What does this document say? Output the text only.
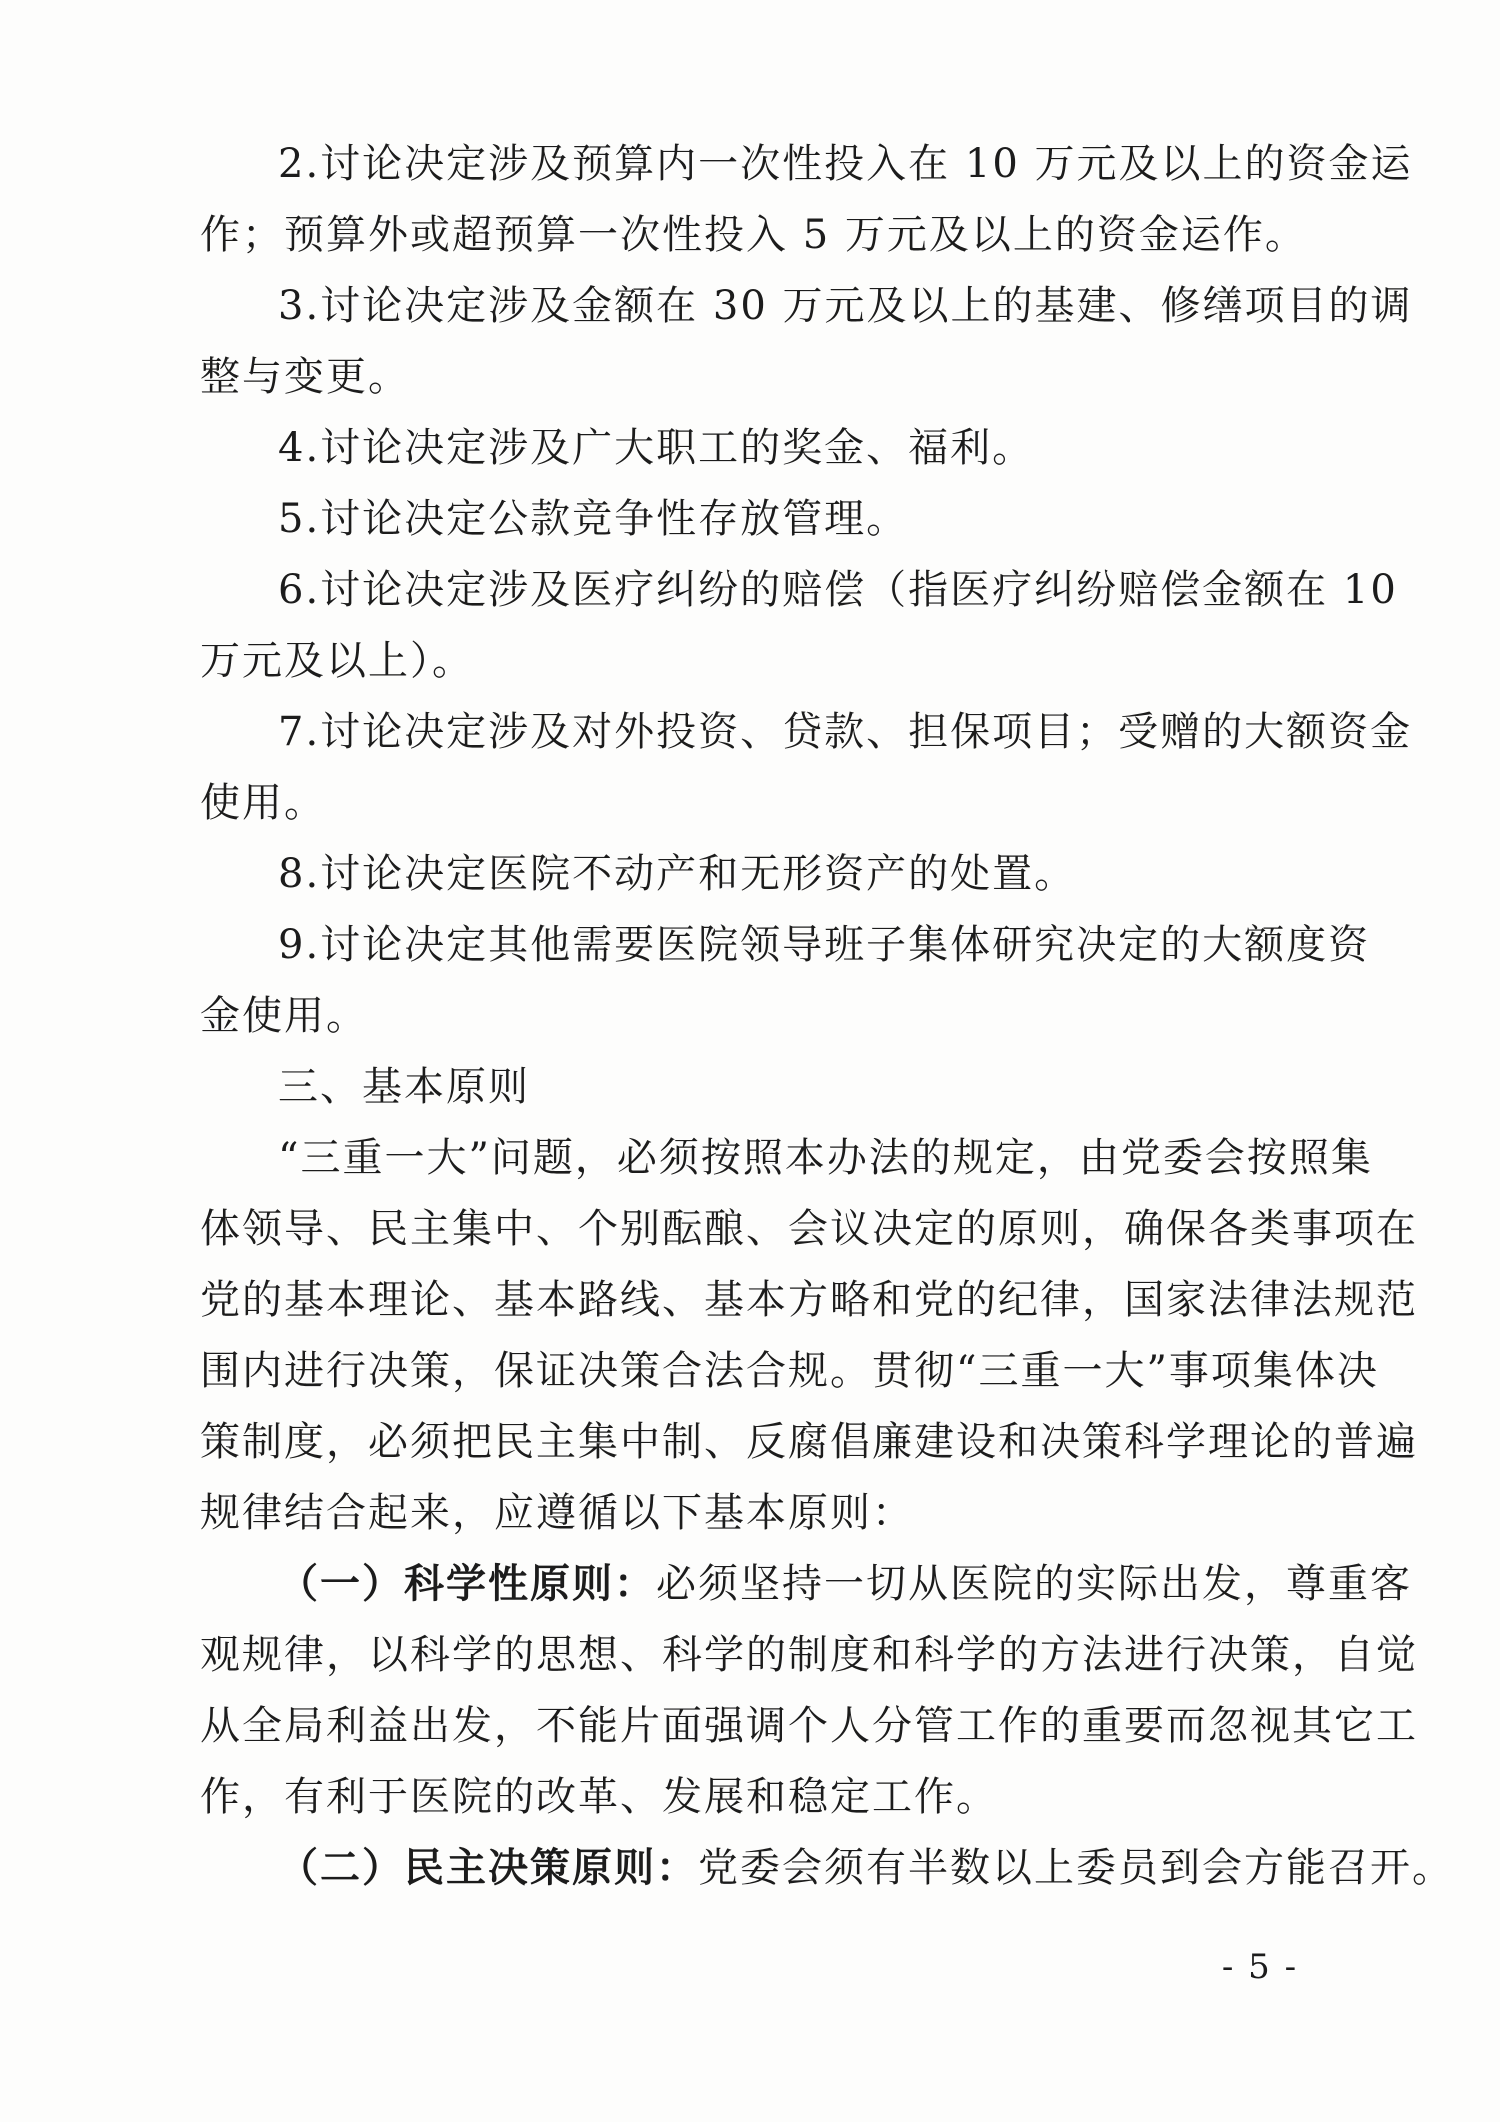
- 5 -
2.讨论决定涉及预算内一次性投入在 10 万元及以上的资金运
作；预算外或超预算一次性投入 5 万元及以上的资金运作。
3.讨论决定涉及金额在 30 万元及以上的基建、修缮项目的调
整与变更。
4.讨论决定涉及广大职工的奖金、福利。
5.讨论决定公款竞争性存放管理。
6.讨论决定涉及医疗纠纷的赔偿（指医疗纠纷赔偿金额在 10
万元及以上）。
7.讨论决定涉及对外投资、贷款、担保项目；受赠的大额资金
使用。
8.讨论决定医院不动产和无形资产的处置。
9.讨论决定其他需要医院领导班子集体研究决定的大额度资
金使用。
三、基本原则
“三重一大”问题，必须按照本办法的规定，由党委会按照集
体领导、民主集中、个别酝酿、会议决定的原则，确保各类事项在
党的基本理论、基本路线、基本方略和党的纪律，国家法律法规范
围内进行决策，保证决策合法合规。贯彻“三重一大”事项集体决
策制度，必须把民主集中制、反腐倡廉建设和决策科学理论的普遍
规律结合起来，应遵循以下基本原则：
（一）科学性原则：必须坚持一切从医院的实际出发，尊重客
观规律，以科学的思想、科学的制度和科学的方法进行决策，自觉
从全局利益出发，不能片面强调个人分管工作的重要而忽视其它工
作，有利于医院的改革、发展和稳定工作。
（二）民主决策原则：党委会须有半数以上委员到会方能召开。
